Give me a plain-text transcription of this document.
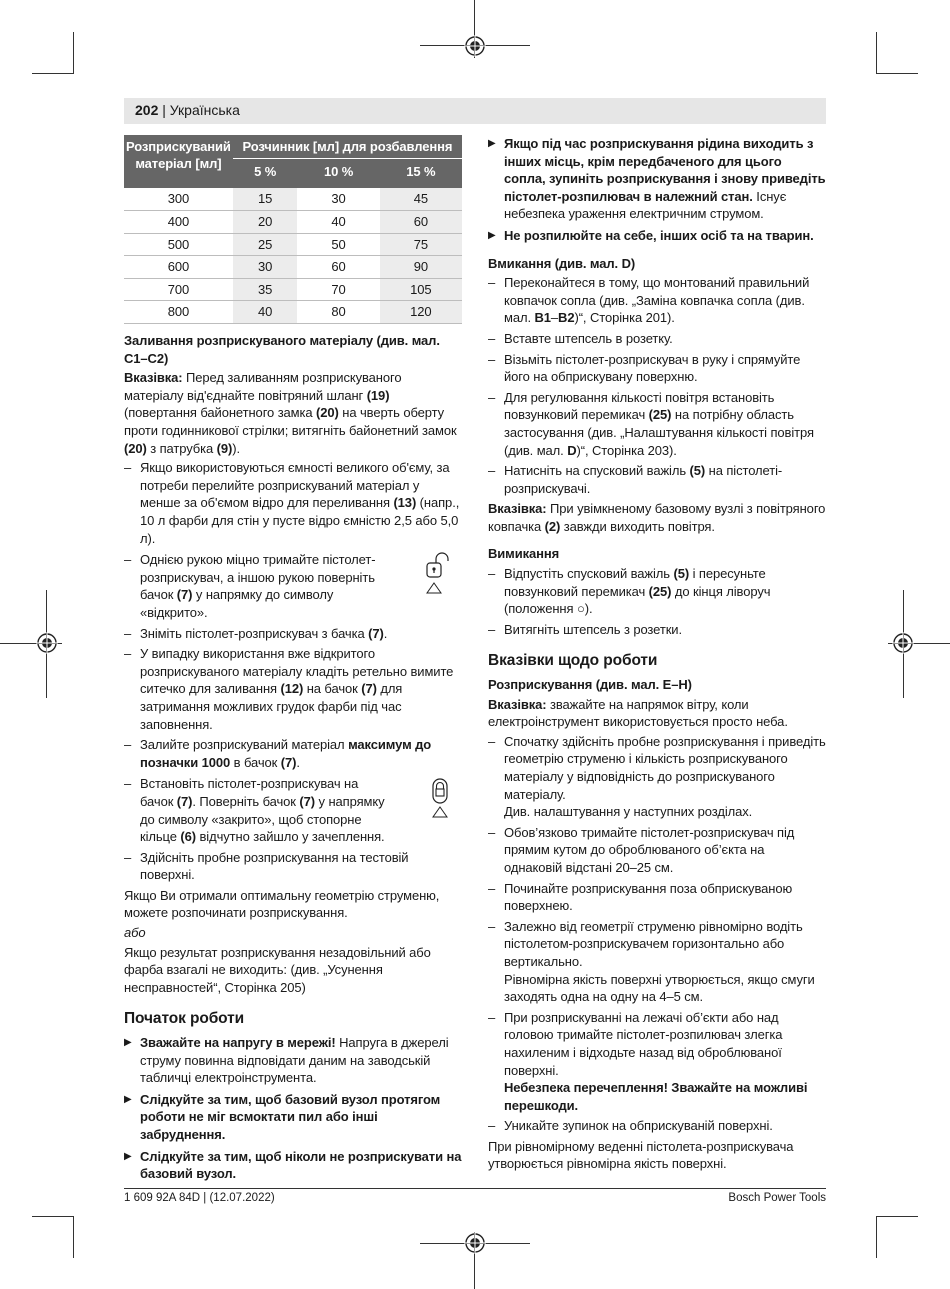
202 | Українська
Розприскуваний матеріал [мл]	Розчинник [мл] для розбавлення		
	5 %	10 %	15 %
300	15	30	45
400	20	40	60
500	25	50	75
600	30	60	90
700	35	70	105
800	40	80	120

Заливання розприскуваного матеріалу (див. мал. C1–C2)

Вказівка: Перед заливанням розприскуваного матеріалу від'єднайте повітряний шланг (19) (повертання байонетного замка (20) на чверть оберту проти годинникової стрілки; витягніть байонетний замок (20) з патрубка (9)).

– Якщо використовуються ємності великого об'єму, за потреби перелийте розприскуваний матеріал у менше за об'ємом відро для переливання (13) (напр., 10 л фарби для стін у пусте відро ємністю 2,5 або 5,0 л).
– Однією рукою міцно тримайте пістолет-розприскувач, а іншою рукою поверніть бачок (7) у напрямку до символу «відкрито».
– Зніміть пістолет-розприскувач з бачка (7).
– У випадку використання вже відкритого розприскуваного матеріалу кладіть ретельно вимите ситечко для заливання (12) на бачок (7) для затримання можливих грудок фарби під час заповнення.
– Залийте розприскуваний матеріал максимум до позначки 1000 в бачок (7).
– Встановіть пістолет-розприскувач на бачок (7). Поверніть бачок (7) у напрямку до символу «закрито», щоб стопорне кільце (6) відчутно зайшло у зачеплення.
– Здійсніть пробне розприскування на тестовій поверхні.

Якщо Ви отримали оптимальну геометрію струменю, можете розпочинати розприскування.

або

Якщо результат розприскування незадовільний або фарба взагалі не виходить: (див. „Усунення несправностей“, Сторінка 205)

Початок роботи

▶ Зважайте на напругу в мережі! Напруга в джерелі струму повинна відповідати даним на заводській табличці електроінструмента.
▶ Слідкуйте за тим, щоб базовий вузол протягом роботи не міг всмоктати пил або інші забруднення.
▶ Слідкуйте за тим, щоб ніколи не розприскувати на базовий вузол.
▶ Якщо під час розприскування рідина виходить з інших місць, крім передбаченого для цього сопла, зупиніть розприскування і знову приведіть пістолет-розпилювач в належний стан. Існує небезпека ураження електричним струмом.
▶ Не розпилюйте на себе, інших осіб та на тварин.

Вмикання (див. мал. D)

– Переконайтеся в тому, що монтований правильний ковпачок сопла (див. „Заміна ковпачка сопла (див. мал. B1–B2)“, Сторінка 201).
– Вставте штепсель в розетку.
– Візьміть пістолет-розприскувач в руку і спрямуйте його на обприскувану поверхню.
– Для регулювання кількості повітря встановіть повзунковий перемикач (25) на потрібну область застосування (див. „Налаштування кількості повітря (див. мал. D)“, Сторінка 203).
– Натисніть на спусковий важіль (5) на пістолеті-розприскувачі.

Вказівка: При увімкненому базовому вузлі з повітряного ковпачка (2) завжди виходить повітря.

Вимикання

– Відпустіть спусковий важіль (5) і пересуньте повзунковий перемикач (25) до кінця ліворуч (положення ○).
– Витягніть штепсель з розетки.

Вказівки щодо роботи

Розприскування (див. мал. E–H)

Вказівка: зважайте на напрямок вітру, коли електроінструмент використовується просто неба.

– Спочатку здійсніть пробне розприскування і приведіть геометрію струменю і кількість розприскуваного матеріалу у відповідність до розприскуваного матеріалу.
Див. налаштування у наступних розділах.
– Обов’язково тримайте пістолет-розприскувач під прямим кутом до оброблюваного об’єкта на однаковій відстані 20–25 см.
– Починайте розприскування поза обприскуваною поверхнею.
– Залежно від геометрії струменю рівномірно водіть пістолетом-розприскувачем горизонтально або вертикально.
Рівномірна якість поверхні утворюється, якщо смуги заходять одна на одну на 4–5 см.
– При розприскуванні на лежачі об’єкти або над головою тримайте пістолет-розпилювач злегка нахиленим і відходьте назад від оброблюваної поверхні.
Небезпека перечеплення! Зважайте на можливі перешкоди.
– Уникайте зупинок на обприскуваній поверхні.

При рівномірному веденні пістолета-розприскувача утворюється рівномірна якість поверхні.

1 609 92A 84D | (12.07.2022)	Bosch Power Tools
